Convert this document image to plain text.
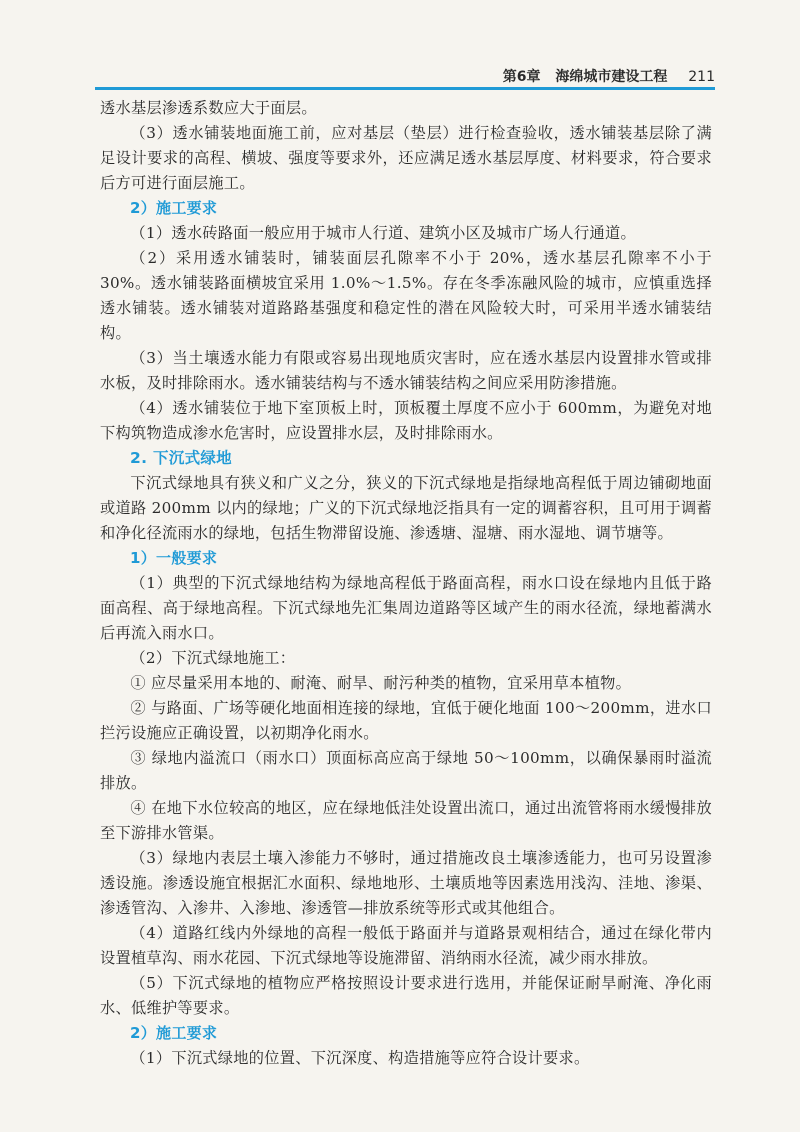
第6章 海绵城市建设工程 211

透水基层渗透系数应大于面层。

（3）透水铺装地面施工前，应对基层（垫层）进行检查验收，透水铺装基层除了满足设计要求的高程、横坡、强度等要求外，还应满足透水基层厚度、材料要求，符合要求后方可进行面层施工。

2）施工要求

（1）透水砖路面一般应用于城市人行道、建筑小区及城市广场人行通道。

（2）采用透水铺装时，铺装面层孔隙率不小于 20%，透水基层孔隙率不小于 30%。透水铺装路面横坡宜采用 1.0%～1.5%。存在冬季冻融风险的城市，应慎重选择透水铺装。透水铺装对道路路基强度和稳定性的潜在风险较大时，可采用半透水铺装结构。

（3）当土壤透水能力有限或容易出现地质灾害时，应在透水基层内设置排水管或排水板，及时排除雨水。透水铺装结构与不透水铺装结构之间应采用防渗措施。

（4）透水铺装位于地下室顶板上时，顶板覆土厚度不应小于 600mm，为避免对地下构筑物造成渗水危害时，应设置排水层，及时排除雨水。

2. 下沉式绿地

下沉式绿地具有狭义和广义之分，狭义的下沉式绿地是指绿地高程低于周边铺砌地面或道路 200mm 以内的绿地；广义的下沉式绿地泛指具有一定的调蓄容积，且可用于调蓄和净化径流雨水的绿地，包括生物滞留设施、渗透塘、湿塘、雨水湿地、调节塘等。

1）一般要求

（1）典型的下沉式绿地结构为绿地高程低于路面高程，雨水口设在绿地内且低于路面高程、高于绿地高程。下沉式绿地先汇集周边道路等区域产生的雨水径流，绿地蓄满水后再流入雨水口。

（2）下沉式绿地施工：

① 应尽量采用本地的、耐淹、耐旱、耐污种类的植物，宜采用草本植物。

② 与路面、广场等硬化地面相连接的绿地，宜低于硬化地面 100～200mm，进水口拦污设施应正确设置，以初期净化雨水。

③ 绿地内溢流口（雨水口）顶面标高应高于绿地 50～100mm，以确保暴雨时溢流排放。

④ 在地下水位较高的地区，应在绿地低洼处设置出流口，通过出流管将雨水缓慢排放至下游排水管渠。

（3）绿地内表层土壤入渗能力不够时，通过措施改良土壤渗透能力，也可另设置渗透设施。渗透设施宜根据汇水面积、绿地地形、土壤质地等因素选用浅沟、洼地、渗渠、渗透管沟、入渗井、入渗地、渗透管—排放系统等形式或其他组合。

（4）道路红线内外绿地的高程一般低于路面并与道路景观相结合，通过在绿化带内设置植草沟、雨水花园、下沉式绿地等设施滞留、消纳雨水径流，减少雨水排放。

（5）下沉式绿地的植物应严格按照设计要求进行选用，并能保证耐旱耐淹、净化雨水、低维护等要求。

2）施工要求

（1）下沉式绿地的位置、下沉深度、构造措施等应符合设计要求。
